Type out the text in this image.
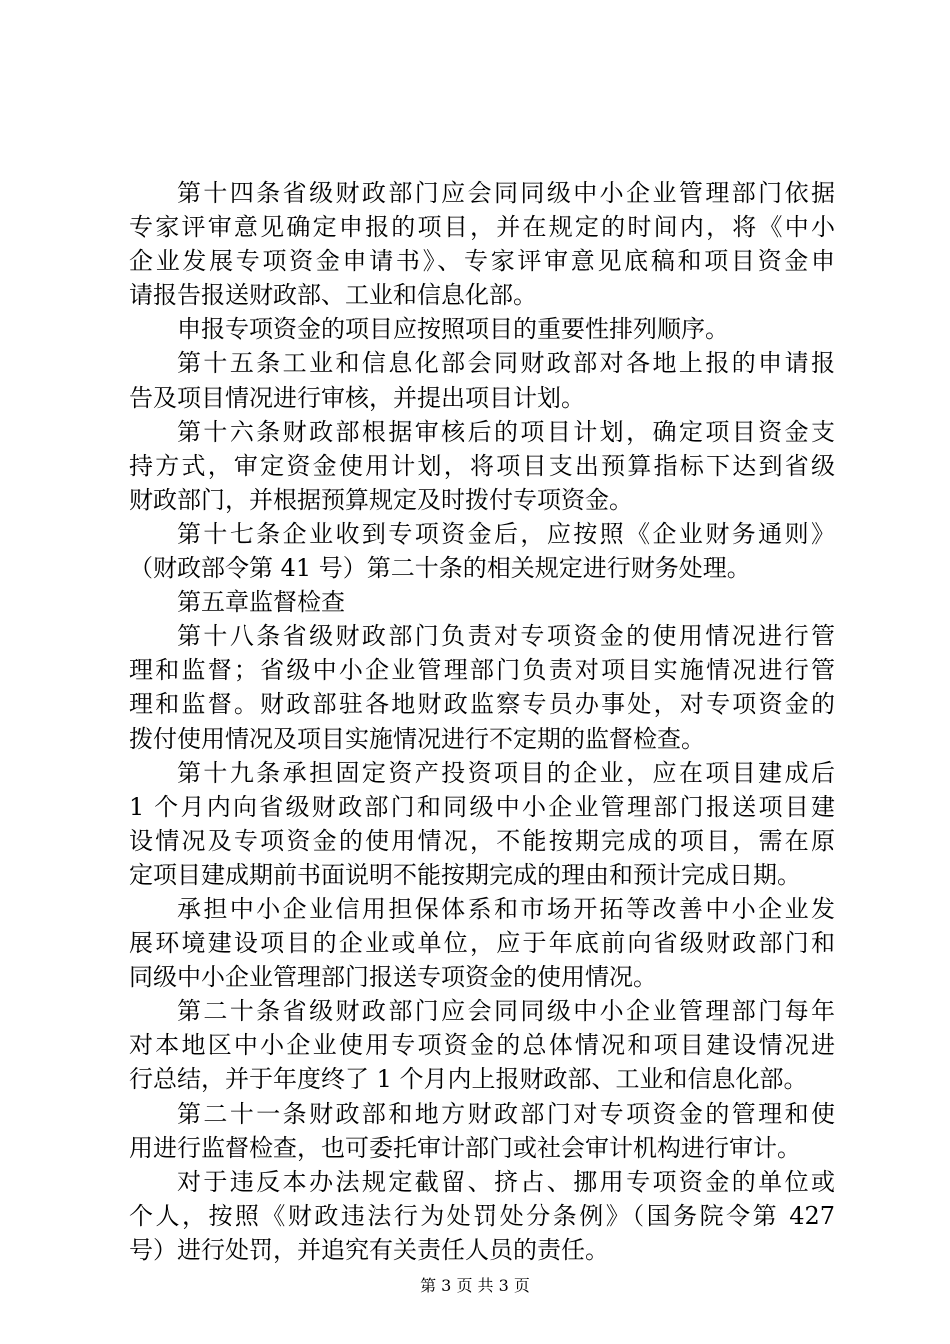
第十四条省级财政部门应会同同级中小企业管理部门依据
专家评审意见确定申报的项目，并在规定的时间内，将《中小
企业发展专项资金申请书》、专家评审意见底稿和项目资金申
请报告报送财政部、工业和信息化部。
申报专项资金的项目应按照项目的重要性排列顺序。
第十五条工业和信息化部会同财政部对各地上报的申请报
告及项目情况进行审核，并提出项目计划。
第十六条财政部根据审核后的项目计划，确定项目资金支
持方式，审定资金使用计划，将项目支出预算指标下达到省级
财政部门，并根据预算规定及时拨付专项资金。
第十七条企业收到专项资金后，应按照《企业财务通则》
（财政部令第 41 号）第二十条的相关规定进行财务处理。
第五章监督检查
第十八条省级财政部门负责对专项资金的使用情况进行管
理和监督；省级中小企业管理部门负责对项目实施情况进行管
理和监督。财政部驻各地财政监察专员办事处，对专项资金的
拨付使用情况及项目实施情况进行不定期的监督检查。
第十九条承担固定资产投资项目的企业，应在项目建成后
1 个月内向省级财政部门和同级中小企业管理部门报送项目建
设情况及专项资金的使用情况，不能按期完成的项目，需在原
定项目建成期前书面说明不能按期完成的理由和预计完成日期。
承担中小企业信用担保体系和市场开拓等改善中小企业发
展环境建设项目的企业或单位，应于年底前向省级财政部门和
同级中小企业管理部门报送专项资金的使用情况。
第二十条省级财政部门应会同同级中小企业管理部门每年
对本地区中小企业使用专项资金的总体情况和项目建设情况进
行总结，并于年度终了 1 个月内上报财政部、工业和信息化部。
第二十一条财政部和地方财政部门对专项资金的管理和使
用进行监督检查，也可委托审计部门或社会审计机构进行审计。
对于违反本办法规定截留、挤占、挪用专项资金的单位或
个人，按照《财政违法行为处罚处分条例》（国务院令第 427
号）进行处罚，并追究有关责任人员的责任。
第 3 页 共 3 页
